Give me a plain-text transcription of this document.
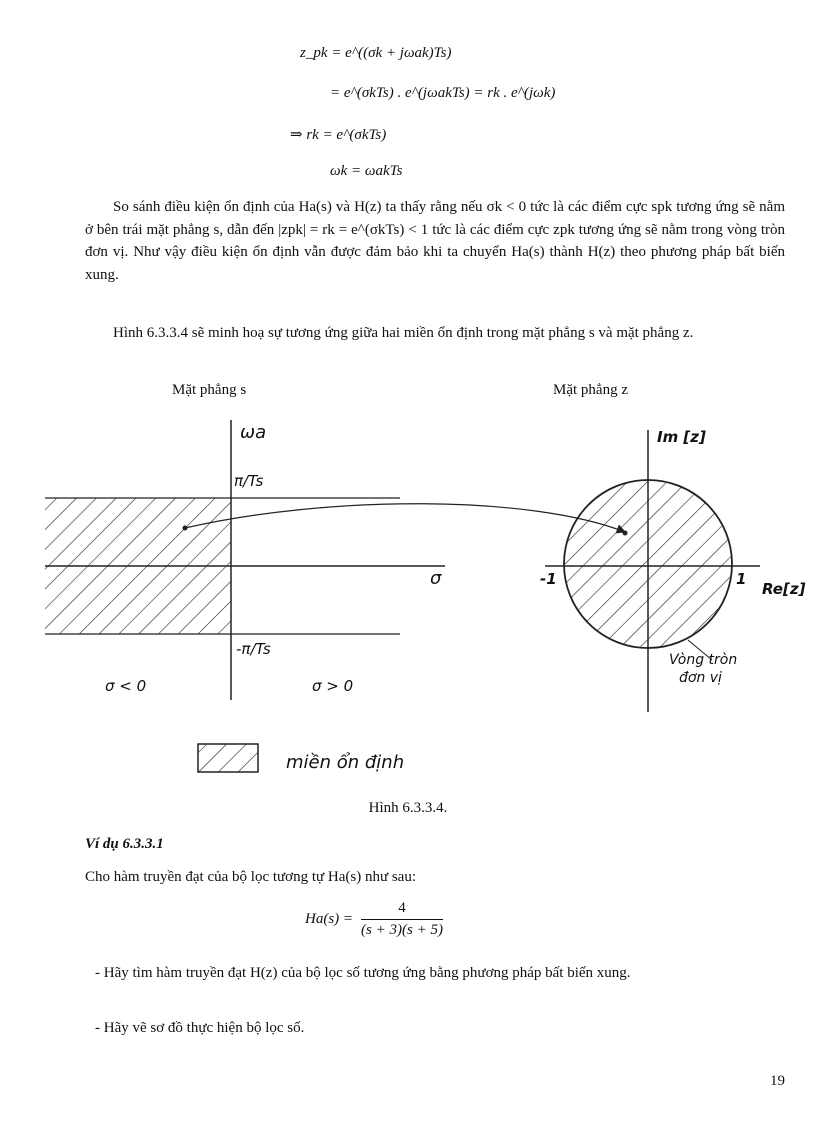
z_pk = e^((σk + jωak)Ts)
= e^(σkTs) . e^(jωakTs) = rk . e^(jωk)
⇒ rk = e^(σkTs)
ωk = ωakTs
So sánh điều kiện ổn định của Ha(s) và H(z) ta thấy rằng nếu σk < 0 tức là các điểm cực spk tương ứng sẽ nằm ở bên trái mặt phẳng s, dẫn đến |zpk| = rk = e^(σkTs) < 1 tức là các điểm cực zpk tương ứng sẽ nằm trong vòng tròn đơn vị. Như vậy điều kiện ổn định vẫn được đảm bảo khi ta chuyển Ha(s) thành H(z) theo phương pháp bất biến xung.
Hình 6.3.3.4 sẽ minh hoạ sự tương ứng giữa hai miền ổn định trong mặt phẳng s và mặt phẳng z.
Mặt phẳng s	Mặt phẳng z
ωa
π/Ts
-π/Ts
σ
σ < 0	σ > 0
Im [z]
Re[z]
-1	1
Vòng tròn
đơn vị
miền ổn định
Hình 6.3.3.4.
Ví dụ 6.3.3.1
Cho hàm truyền đạt của bộ lọc tương tự Ha(s) như sau:
Ha(s) =
4
(s + 3)(s + 5)
- Hãy tìm hàm truyền đạt H(z) của bộ lọc số tương ứng bằng phương pháp bất biến xung.
- Hãy vẽ sơ đồ thực hiện bộ lọc số.
19
